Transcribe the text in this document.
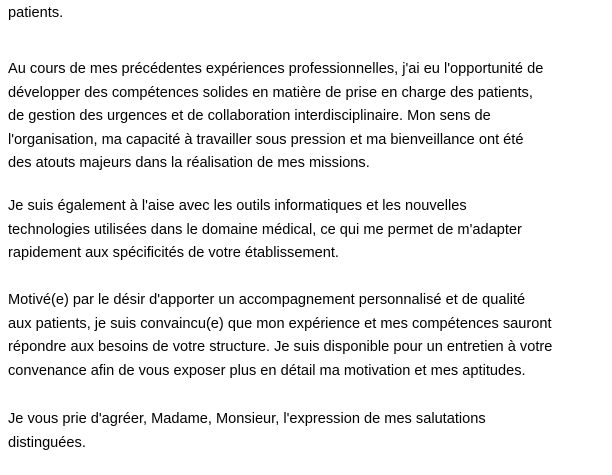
patients.

Au cours de mes précédentes expériences professionnelles, j'ai eu l'opportunité de
développer des compétences solides en matière de prise en charge des patients,
de gestion des urgences et de collaboration interdisciplinaire. Mon sens de
l'organisation, ma capacité à travailler sous pression et ma bienveillance ont été
des atouts majeurs dans la réalisation de mes missions.

Je suis également à l'aise avec les outils informatiques et les nouvelles
technologies utilisées dans le domaine médical, ce qui me permet de m'adapter
rapidement aux spécificités de votre établissement.

Motivé(e) par le désir d'apporter un accompagnement personnalisé et de qualité
aux patients, je suis convaincu(e) que mon expérience et mes compétences sauront
répondre aux besoins de votre structure. Je suis disponible pour un entretien à votre
convenance afin de vous exposer plus en détail ma motivation et mes aptitudes.

Je vous prie d'agréer, Madame, Monsieur, l'expression de mes salutations
distinguées.
